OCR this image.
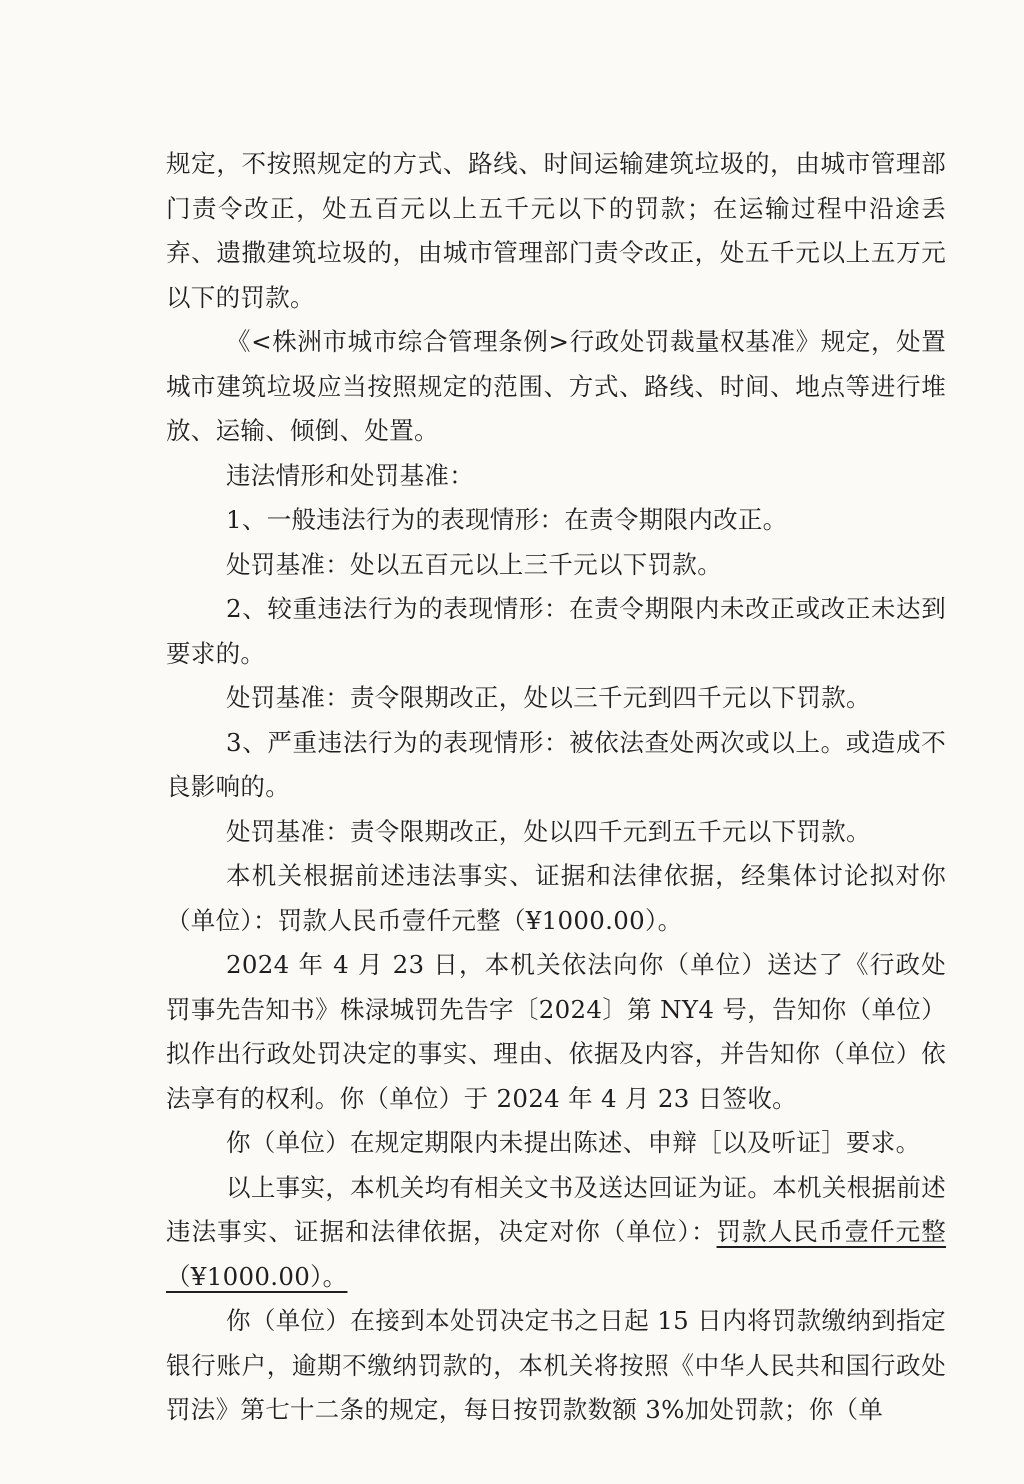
规定，不按照规定的方式、路线、时间运输建筑垃圾的，由城市管理部门责令改正，处五百元以上五千元以下的罚款；在运输过程中沿途丢弃、遗撒建筑垃圾的，由城市管理部门责令改正，处五千元以上五万元以下的罚款。

《<株洲市城市综合管理条例>行政处罚裁量权基准》规定，处置城市建筑垃圾应当按照规定的范围、方式、路线、时间、地点等进行堆放、运输、倾倒、处置。

违法情形和处罚基准：

1、一般违法行为的表现情形：在责令期限内改正。

处罚基准：处以五百元以上三千元以下罚款。

2、较重违法行为的表现情形：在责令期限内未改正或改正未达到要求的。

处罚基准：责令限期改正，处以三千元到四千元以下罚款。

3、严重违法行为的表现情形：被依法查处两次或以上。或造成不良影响的。

处罚基准：责令限期改正，处以四千元到五千元以下罚款。

本机关根据前述违法事实、证据和法律依据，经集体讨论拟对你（单位）：罚款人民币壹仟元整（¥1000.00）。

2024 年 4 月 23 日，本机关依法向你（单位）送达了《行政处罚事先告知书》株渌城罚先告字〔2024〕第 NY4 号，告知你（单位）拟作出行政处罚决定的事实、理由、依据及内容，并告知你（单位）依法享有的权利。你（单位）于 2024 年 4 月 23 日签收。

你（单位）在规定期限内未提出陈述、申辩［以及听证］要求。

以上事实，本机关均有相关文书及送达回证为证。本机关根据前述违法事实、证据和法律依据，决定对你（单位）：罚款人民币壹仟元整（¥1000.00）。

你（单位）在接到本处罚决定书之日起 15 日内将罚款缴纳到指定银行账户，逾期不缴纳罚款的，本机关将按照《中华人民共和国行政处罚法》第七十二条的规定，每日按罚款数额 3%加处罚款；你（单
